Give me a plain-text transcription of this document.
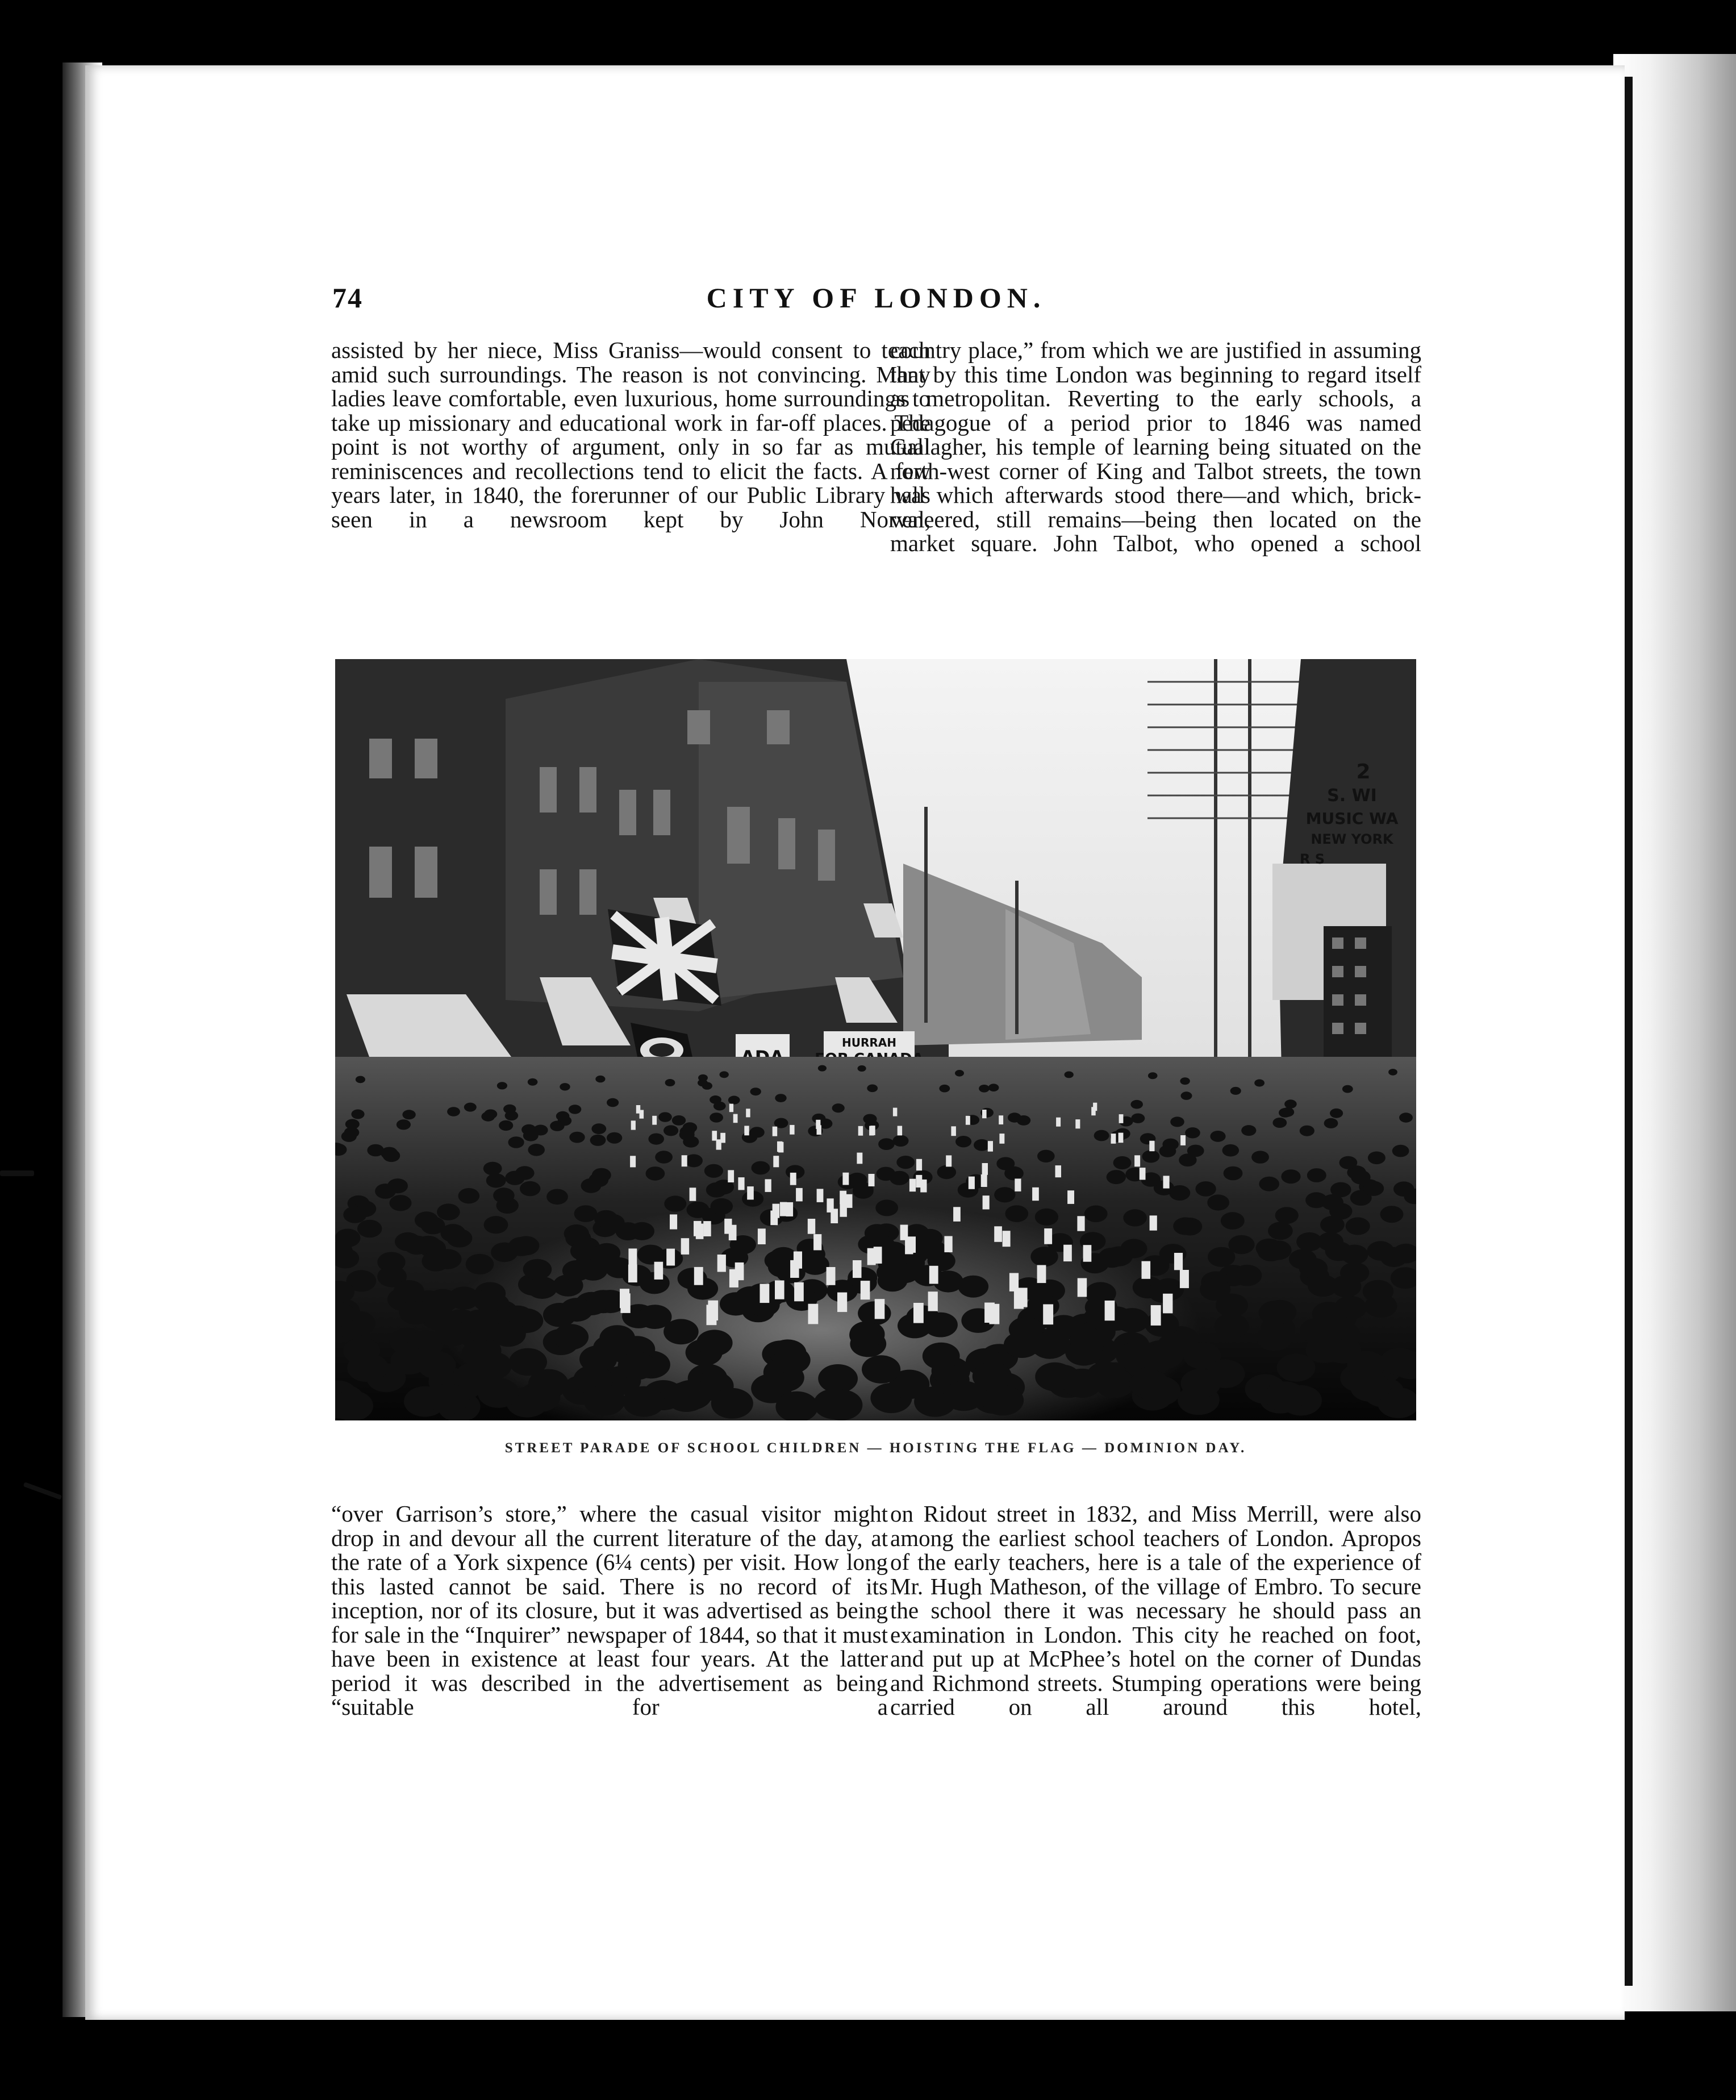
74	CITY OF LONDON.

assisted by her niece, Miss Graniss—would consent to teach amid such surroundings. The reason is not convincing. Many ladies leave comfortable, even luxurious, home surroundings to take up missionary and educational work in far-off places. The point is not worthy of argument, only in so far as mutual reminiscences and recollections tend to elicit the facts. A few years later, in 1840, the forerunner of our Public Library was seen in a newsroom kept by John Norval,

country place,” from which we are justified in assuming that by this time London was beginning to regard itself as metropolitan. Reverting to the early schools, a pedagogue of a period prior to 1846 was named Gallagher, his temple of learning being situated on the north-west corner of King and Talbot streets, the town hall which afterwards stood there—and which, brick-veneered, still remains—being then located on the market square. John Talbot, who opened a school

2
S. WI
MUSIC WA
NEW YORK
R S
HURRAH
STREET PARADE OF SCHOOL CHILDREN — HOISTING THE FLAG — DOMINION DAY.

“over Garrison’s store,” where the casual visitor might drop in and devour all the current literature of the day, at the rate of a York sixpence (6¼ cents) per visit. How long this lasted cannot be said. There is no record of its inception, nor of its closure, but it was advertised as being for sale in the “Inquirer” newspaper of 1844, so that it must have been in existence at least four years. At the latter period it was described in the advertisement as being “suitable for a

on Ridout street in 1832, and Miss Merrill, were also among the earliest school teachers of London. Apropos of the early teachers, here is a tale of the experience of Mr. Hugh Matheson, of the village of Embro. To secure the school there it was necessary he should pass an examination in London. This city he reached on foot, and put up at McPhee’s hotel on the corner of Dundas and Richmond streets. Stumping operations were being carried on all around this hotel,
